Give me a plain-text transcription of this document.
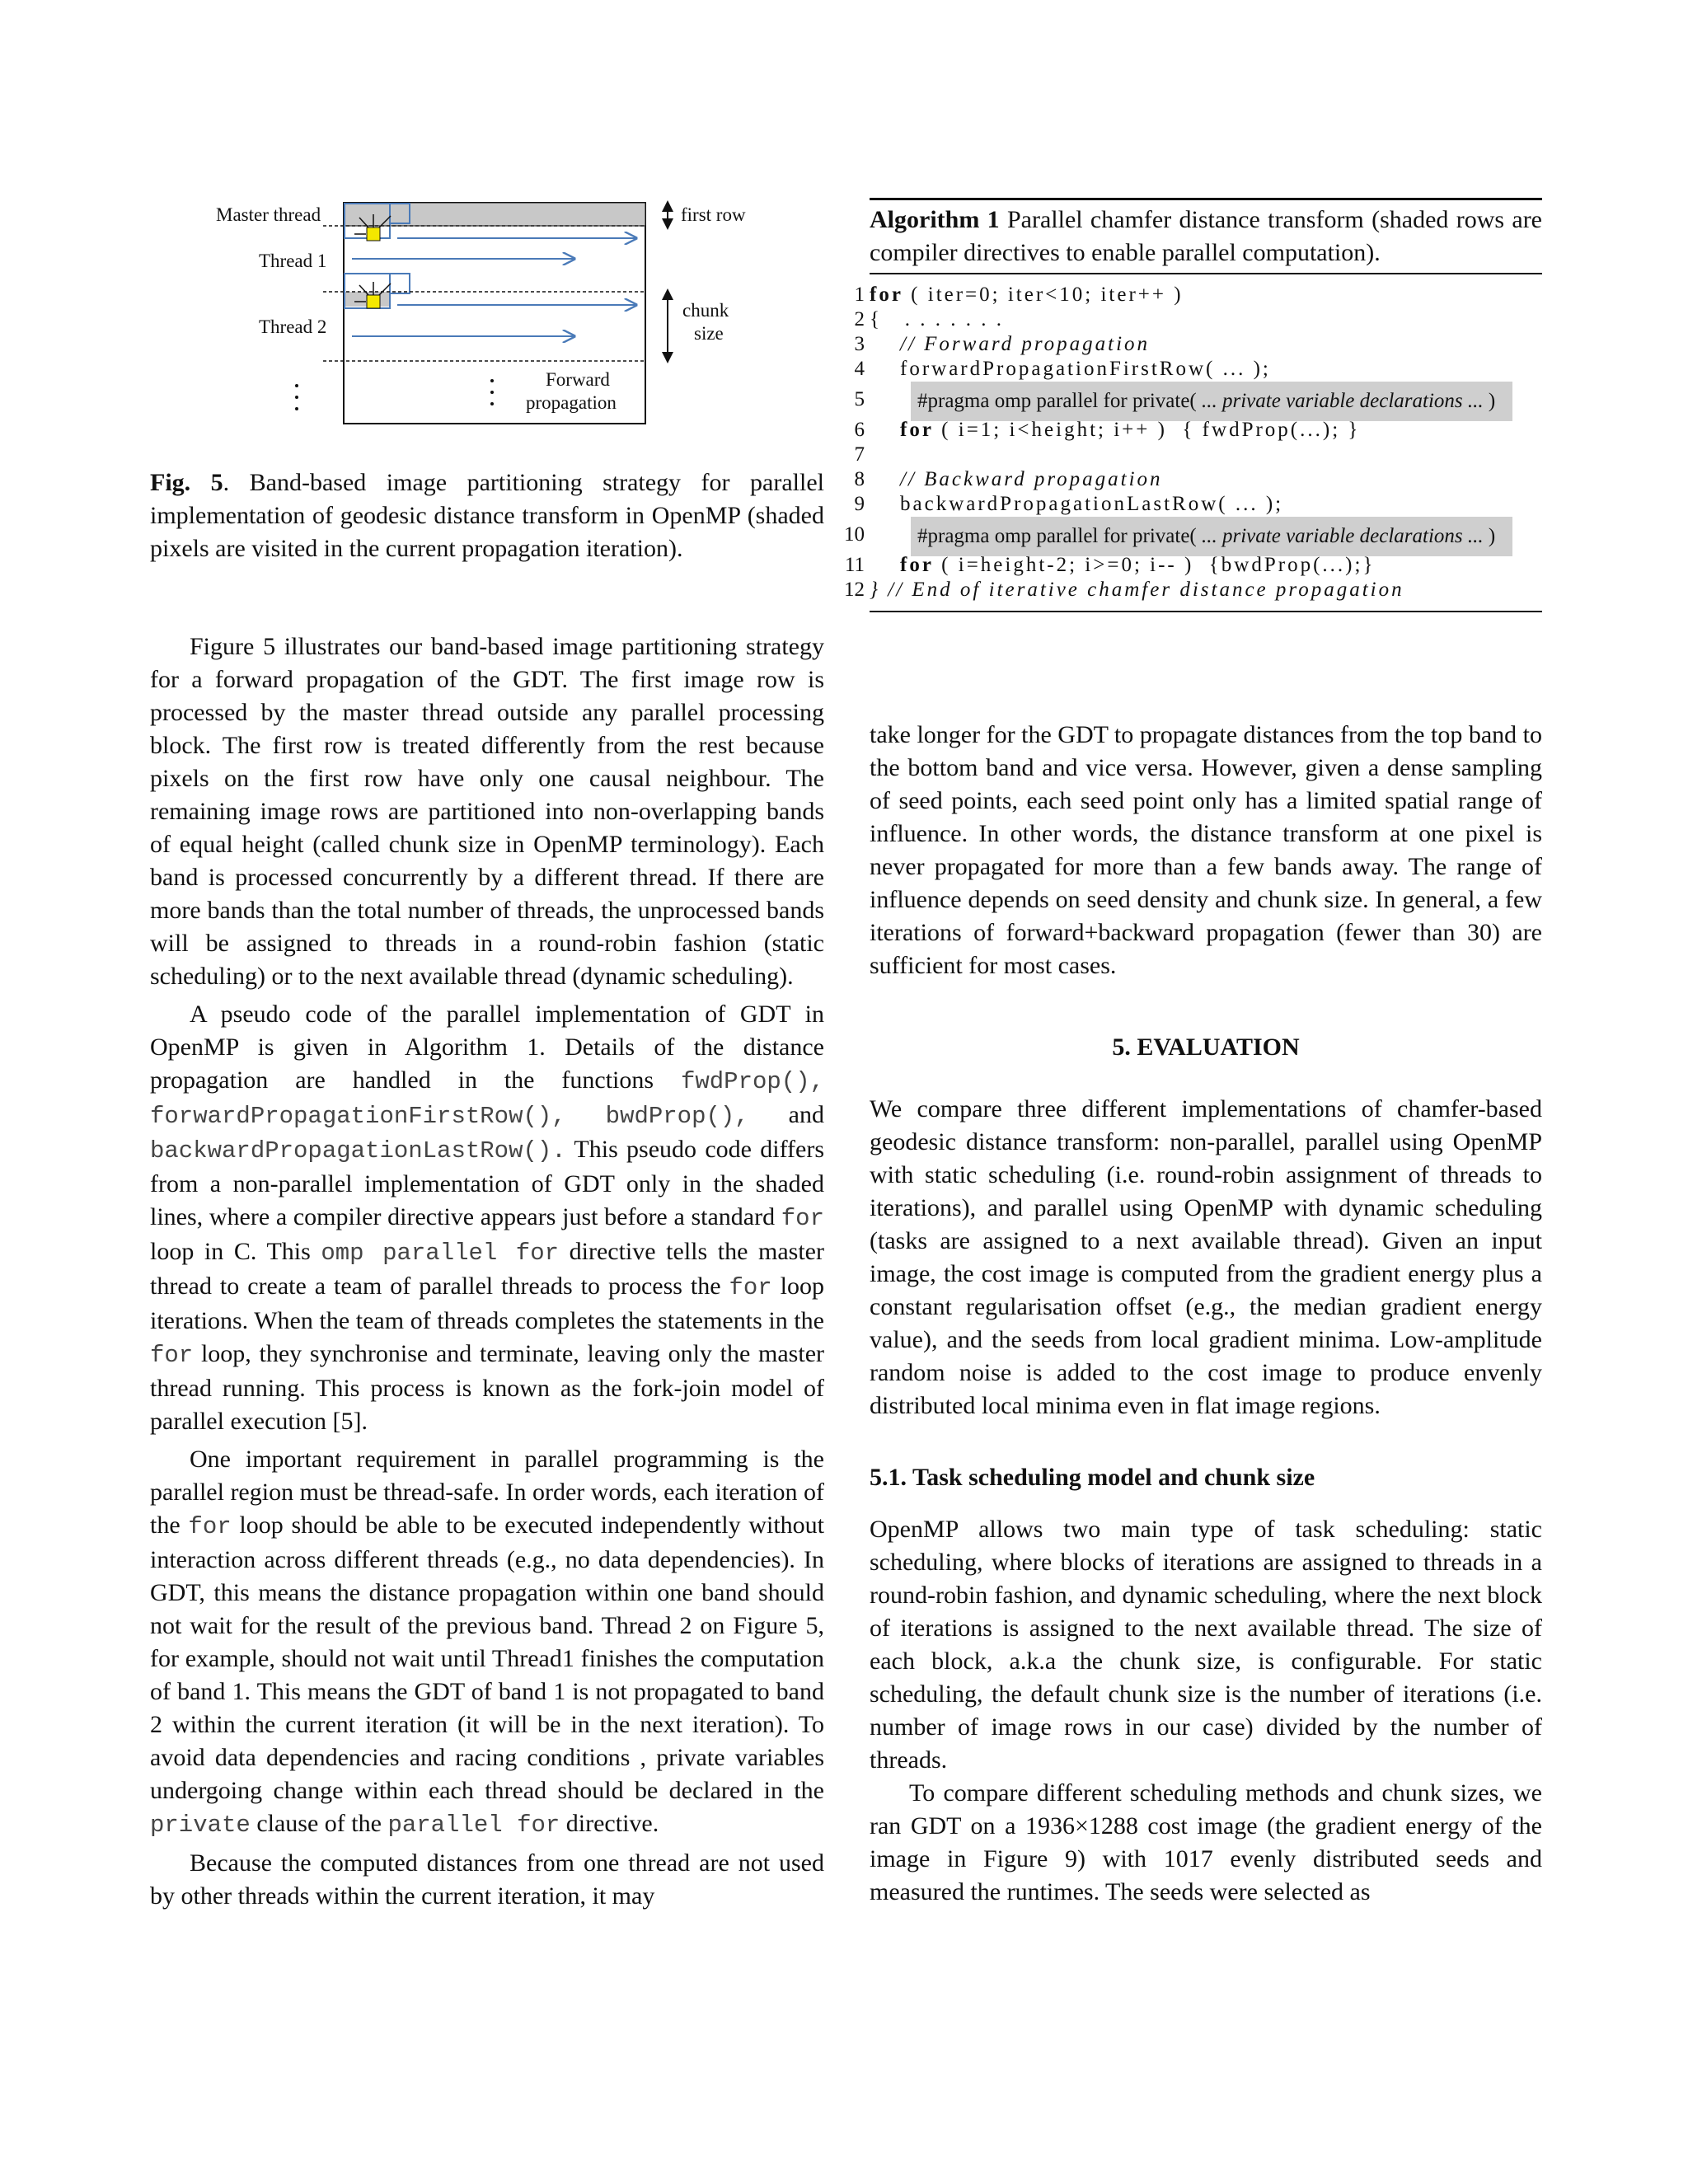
Master thread
Thread 1
Thread 2
first row
chunk
size
Forward
propagation
Fig. 5. Band-based image partitioning strategy for parallel implementation of geodesic distance transform in OpenMP (shaded pixels are visited in the current propagation iteration).

Figure 5 illustrates our band-based image partitioning strategy for a forward propagation of the GDT. The first image row is processed by the master thread outside any parallel processing block. The first row is treated differently from the rest because pixels on the first row have only one causal neighbour. The remaining image rows are partitioned into non-overlapping bands of equal height (called chunk size in OpenMP terminology). Each band is processed concurrently by a different thread. If there are more bands than the total number of threads, the unprocessed bands will be assigned to threads in a round-robin fashion (static scheduling) or to the next available thread (dynamic scheduling).

A pseudo code of the parallel implementation of GDT in OpenMP is given in Algorithm 1. Details of the distance propagation are handled in the functions fwdProp(), forwardPropagationFirstRow(), bwdProp(), and backwardPropagationLastRow(). This pseudo code differs from a non-parallel implementation of GDT only in the shaded lines, where a compiler directive appears just before a standard for loop in C. This omp parallel for directive tells the master thread to create a team of parallel threads to process the for loop iterations. When the team of threads completes the statements in the for loop, they synchronise and terminate, leaving only the master thread running. This process is known as the fork-join model of parallel execution [5].

One important requirement in parallel programming is the parallel region must be thread-safe. In order words, each iteration of the for loop should be able to be executed independently without interaction across different threads (e.g., no data dependencies). In GDT, this means the distance propagation within one band should not wait for the result of the previous band. Thread 2 on Figure 5, for example, should not wait until Thread1 finishes the computation of band 1. This means the GDT of band 1 is not propagated to band 2 within the current iteration (it will be in the next iteration). To avoid data dependencies and racing conditions , private variables undergoing change within each thread should be declared in the private clause of the parallel for directive.

Because the computed distances from one thread are not used by other threads within the current iteration, it may

Algorithm 1 Parallel chamfer distance transform (shaded rows are compiler directives to enable parallel computation).
1 for ( iter=0; iter<10; iter++ )
2 {   . . . . . . .
3 // Forward propagation
4 forwardPropagationFirstRow( ... );
5	#pragma omp parallel for private( ... private variable declarations ... )
6 for ( i=1; i<height; i++ )  { fwdProp(...); }
7
8 // Backward propagation
9 backwardPropagationLastRow( ... );
10	#pragma omp parallel for private( ... private variable declarations ... )
11 for ( i=height-2; i>=0; i-- )  {bwdProp(...);}
12 } // End of iterative chamfer distance propagation

take longer for the GDT to propagate distances from the top band to the bottom band and vice versa. However, given a dense sampling of seed points, each seed point only has a limited spatial range of influence. In other words, the distance transform at one pixel is never propagated for more than a few bands away. The range of influence depends on seed density and chunk size. In general, a few iterations of forward+backward propagation (fewer than 30) are sufficient for most cases.

5. EVALUATION

We compare three different implementations of chamfer-based geodesic distance transform: non-parallel, parallel using OpenMP with static scheduling (i.e. round-robin assignment of threads to iterations), and parallel using OpenMP with dynamic scheduling (tasks are assigned to a next available thread). Given an input image, the cost image is computed from the gradient energy plus a constant regularisation offset (e.g., the median gradient energy value), and the seeds from local gradient minima. Low-amplitude random noise is added to the cost image to produce envenly distributed local minima even in flat image regions.

5.1. Task scheduling model and chunk size

OpenMP allows two main type of task scheduling: static scheduling, where blocks of iterations are assigned to threads in a round-robin fashion, and dynamic scheduling, where the next block of iterations is assigned to the next available thread. The size of each block, a.k.a the chunk size, is configurable. For static scheduling, the default chunk size is the number of iterations (i.e. number of image rows in our case) divided by the number of threads.

To compare different scheduling methods and chunk sizes, we ran GDT on a 1936×1288 cost image (the gradient energy of the image in Figure 9) with 1017 evenly distributed seeds and measured the runtimes. The seeds were selected as
